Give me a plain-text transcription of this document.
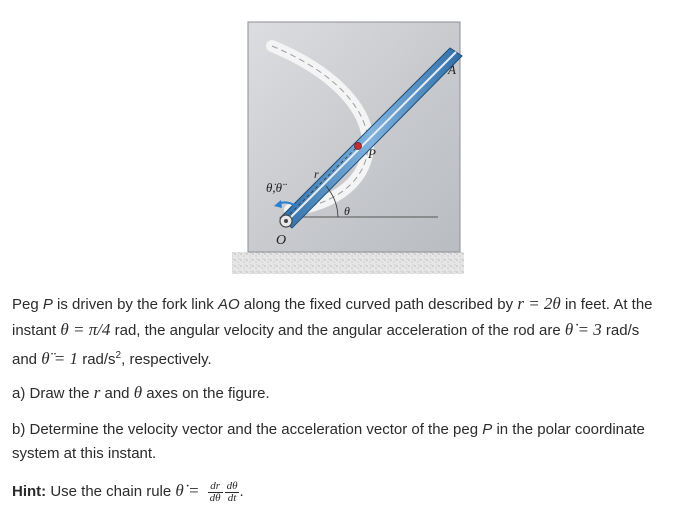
A
P
r
θ
O
θ̇,θ̈
Peg P is driven by the fork link AO along the fixed curved path described by r = 2θ in feet. At the
instant θ = π/4 rad, the angular velocity and the angular acceleration of the rod are θ̇ = 3 rad/s
and θ̈ = 1 rad/$s^2$, respectively.
a) Draw the r and θ axes on the figure.
b) Determine the velocity vector and the acceleration vector of the peg P in the polar coordinate
system at this instant.
Hint: Use the chain rule θ̇ = $\frac{dr}{d\theta} \frac{d\theta}{dt}$ .
